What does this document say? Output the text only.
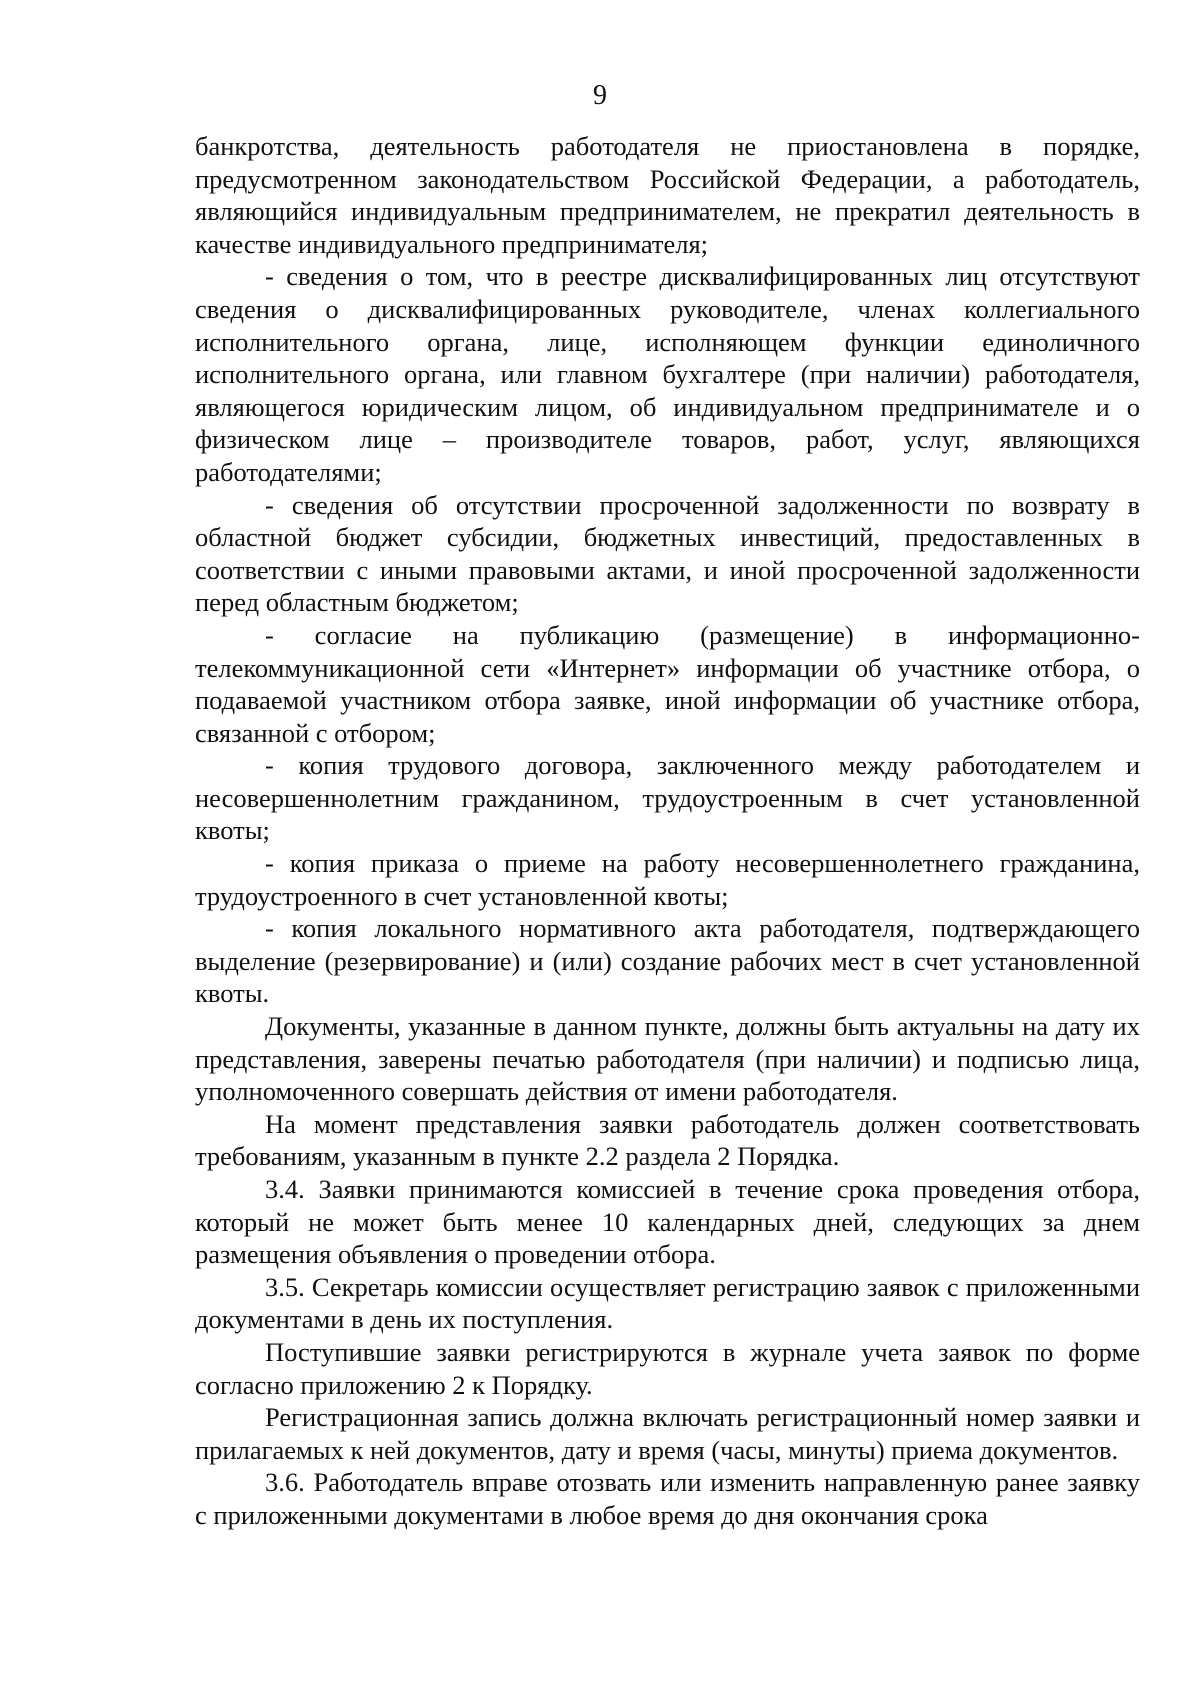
9

банкротства, деятельность работодателя не приостановлена в порядке, предусмотренном законодательством Российской Федерации, а работодатель, являющийся индивидуальным предпринимателем, не прекратил деятельность в качестве индивидуального предпринимателя;

- сведения о том, что в реестре дисквалифицированных лиц отсутствуют сведения о дисквалифицированных руководителе, членах коллегиального исполнительного органа, лице, исполняющем функции единоличного исполнительного органа, или главном бухгалтере (при наличии) работодателя, являющегося юридическим лицом, об индивидуальном предпринимателе и о физическом лице – производителе товаров, работ, услуг, являющихся работодателями;

- сведения об отсутствии просроченной задолженности по возврату в областной бюджет субсидии, бюджетных инвестиций, предоставленных в соответствии с иными правовыми актами, и иной просроченной задолженности перед областным бюджетом;

- согласие на публикацию (размещение) в информационно-телекоммуникационной сети «Интернет» информации об участнике отбора, о подаваемой участником отбора заявке, иной информации об участнике отбора, связанной с отбором;

- копия трудового договора, заключенного между работодателем и несовершеннолетним гражданином, трудоустроенным в счет установленной квоты;

- копия приказа о приеме на работу несовершеннолетнего гражданина, трудоустроенного в счет установленной квоты;

- копия локального нормативного акта работодателя, подтверждающего выделение (резервирование) и (или) создание рабочих мест в счет установленной квоты.

Документы, указанные в данном пункте, должны быть актуальны на дату их представления, заверены печатью работодателя (при наличии) и подписью лица, уполномоченного совершать действия от имени работодателя.

На момент представления заявки работодатель должен соответствовать требованиям, указанным в пункте 2.2 раздела 2 Порядка.

3.4. Заявки принимаются комиссией в течение срока проведения отбора, который не может быть менее 10 календарных дней, следующих за днем размещения объявления о проведении отбора.

3.5. Секретарь комиссии осуществляет регистрацию заявок с приложенными документами в день их поступления.

Поступившие заявки регистрируются в журнале учета заявок по форме согласно приложению 2 к Порядку.

Регистрационная запись должна включать регистрационный номер заявки и прилагаемых к ней документов, дату и время (часы, минуты) приема документов.

3.6. Работодатель вправе отозвать или изменить направленную ранее заявку с приложенными документами в любое время до дня окончания срока
